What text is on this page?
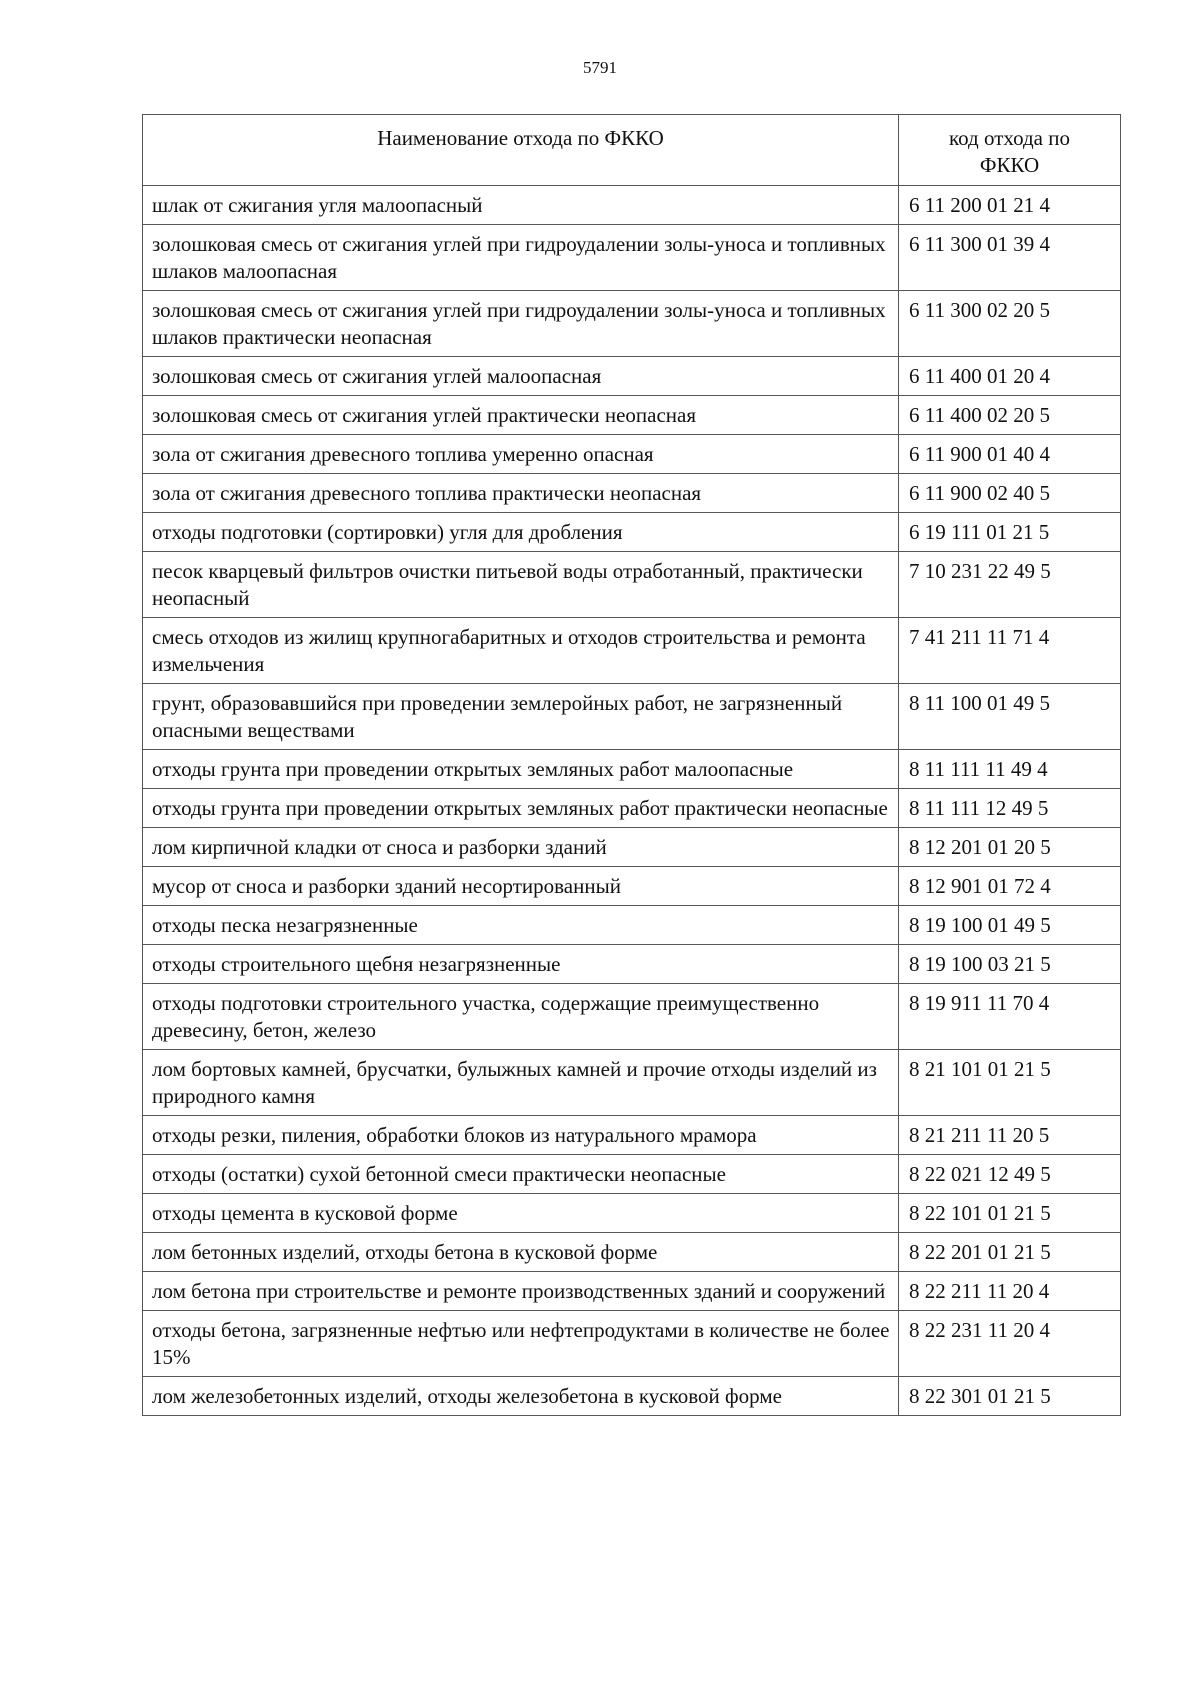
5791
Наименование отхода по ФККО	код отхода по ФККО
шлак от сжигания угля малоопасный	6 11 200 01 21 4
золошковая смесь от сжигания углей при гидроудалении золы-уноса и топливных шлаков малоопасная	6 11 300 01 39 4
золошковая смесь от сжигания углей при гидроудалении золы-уноса и топливных шлаков практически неопасная	6 11 300 02 20 5
золошковая смесь от сжигания углей малоопасная	6 11 400 01 20 4
золошковая смесь от сжигания углей практически неопасная	6 11 400 02 20 5
зола от сжигания древесного топлива умеренно опасная	6 11 900 01 40 4
зола от сжигания древесного топлива практически неопасная	6 11 900 02 40 5
отходы подготовки (сортировки) угля для дробления	6 19 111 01 21 5
песок кварцевый фильтров очистки питьевой воды отработанный, практически неопасный	7 10 231 22 49 5
смесь отходов из жилищ крупногабаритных и отходов строительства и ремонта измельчения	7 41 211 11 71 4
грунт, образовавшийся при проведении землеройных работ, не загрязненный опасными веществами	8 11 100 01 49 5
отходы грунта при проведении открытых земляных работ малоопасные	8 11 111 11 49 4
отходы грунта при проведении открытых земляных работ практически неопасные	8 11 111 12 49 5
лом кирпичной кладки от сноса и разборки зданий	8 12 201 01 20 5
мусор от сноса и разборки зданий несортированный	8 12 901 01 72 4
отходы песка незагрязненные	8 19 100 01 49 5
отходы строительного щебня незагрязненные	8 19 100 03 21 5
отходы подготовки строительного участка, содержащие преимущественно древесину, бетон, железо	8 19 911 11 70 4
лом бортовых камней, брусчатки, булыжных камней и прочие отходы изделий из природного камня	8 21 101 01 21 5
отходы резки, пиления, обработки блоков из натурального мрамора	8 21 211 11 20 5
отходы (остатки) сухой бетонной смеси практически неопасные	8 22 021 12 49 5
отходы цемента в кусковой форме	8 22 101 01 21 5
лом бетонных изделий, отходы бетона в кусковой форме	8 22 201 01 21 5
лом бетона при строительстве и ремонте производственных зданий и сооружений	8 22 211 11 20 4
отходы бетона, загрязненные нефтью или нефтепродуктами в количестве не более 15%	8 22 231 11 20 4
лом железобетонных изделий, отходы железобетона в кусковой форме	8 22 301 01 21 5
